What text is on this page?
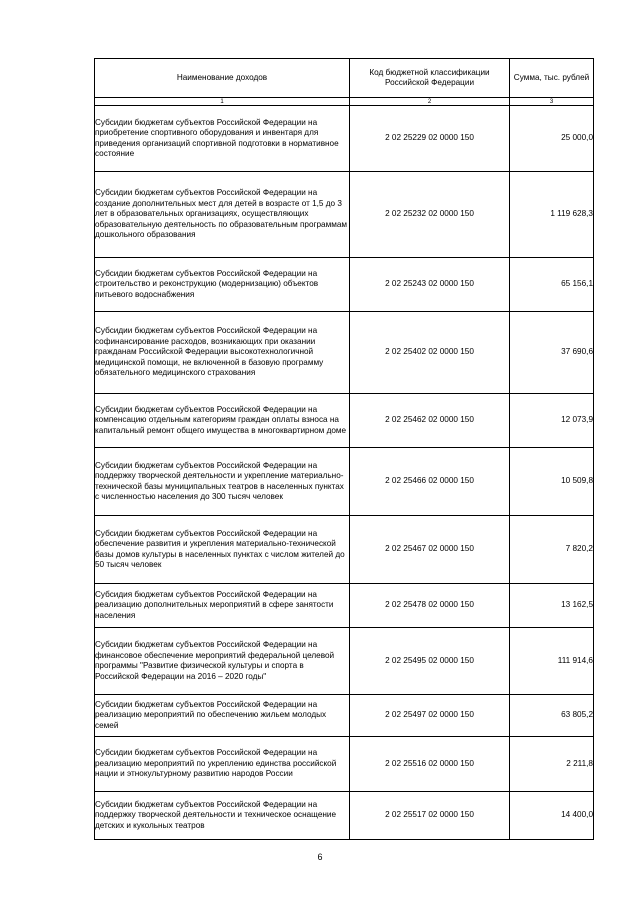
Наименование доходов	Код бюджетной классификации Российской Федерации	Сумма, тыс. рублей
1	2	3
Субсидии бюджетам субъектов Российской Федерации на приобретение спортивного оборудования и инвентаря для приведения организаций спортивной подготовки в нормативное состояние	2 02 25229 02 0000 150	25 000,0
Субсидии бюджетам субъектов Российской Федерации на создание дополнительных мест для детей в возрасте от 1,5 до 3 лет в образовательных организациях, осуществляющих образовательную деятельность по образовательным программам дошкольного образования	2 02 25232 02 0000 150	1 119 628,3
Субсидии бюджетам субъектов Российской Федерации на строительство и реконструкцию (модернизацию) объектов питьевого водоснабжения	2 02 25243 02 0000 150	65 156,1
Субсидии бюджетам субъектов Российской Федерации на софинансирование расходов, возникающих при оказании гражданам Российской Федерации высокотехнологичной медицинской помощи, не включенной в базовую программу обязательного медицинского страхования	2 02 25402 02 0000 150	37 690,6
Субсидии бюджетам субъектов Российской Федерации на компенсацию отдельным категориям граждан оплаты взноса на капитальный ремонт общего имущества в многоквартирном доме	2 02 25462 02 0000 150	12 073,9
Субсидии бюджетам субъектов Российской Федерации на поддержку творческой деятельности и укрепление материально-технической базы муниципальных театров в населенных пунктах с численностью населения до 300 тысяч человек	2 02 25466 02 0000 150	10 509,8
Субсидии бюджетам субъектов Российской Федерации на обеспечение развития и укрепления материально-технической базы домов культуры в населенных пунктах с числом жителей до 50 тысяч человек	2 02 25467 02 0000 150	7 820,2
Субсидия бюджетам субъектов Российской Федерации на реализацию дополнительных мероприятий в сфере занятости населения	2 02 25478 02 0000 150	13 162,5
Субсидии бюджетам субъектов Российской Федерации на финансовое обеспечение мероприятий федеральной целевой программы "Развитие физической культуры и спорта в Российской Федерации на 2016 – 2020 годы"	2 02 25495 02 0000 150	111 914,6
Субсидии бюджетам субъектов Российской Федерации на реализацию мероприятий по обеспечению жильем молодых семей	2 02 25497 02 0000 150	63 805,2
Субсидии бюджетам субъектов Российской Федерации на реализацию мероприятий по укреплению единства российской нации и этнокультурному развитию народов России	2 02 25516 02 0000 150	2 211,8
Субсидии бюджетам субъектов Российской Федерации на поддержку творческой деятельности и техническое оснащение детских и кукольных театров	2 02 25517 02 0000 150	14 400,0
6
